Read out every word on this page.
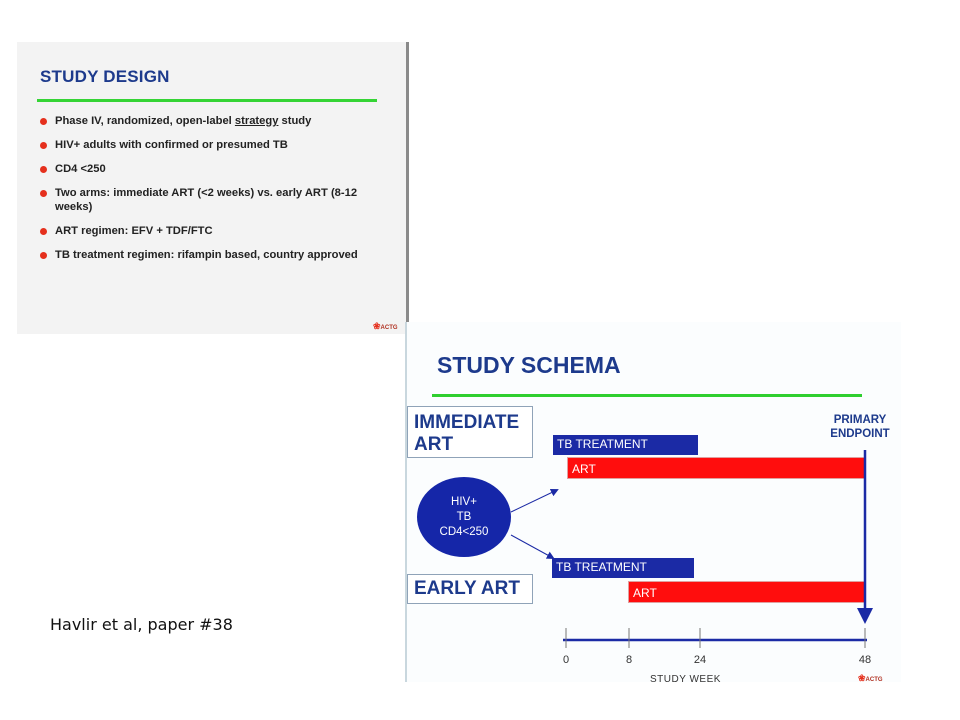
STUDY DESIGN
Phase IV, randomized, open-label strategy study
HIV+ adults with confirmed or presumed TB
CD4 <250
Two arms: immediate ART (<2 weeks) vs. early ART (8-12 weeks)
ART regimen: EFV + TDF/FTC
TB treatment regimen: rifampin based, country approved
❀ACTG
STUDY SCHEMA
IMMEDIATE ART
EARLY ART
PRIMARY ENDPOINT
TB TREATMENT
ART
TB TREATMENT
ART
HIV+
TB
CD4<250
0	8	24	48
STUDY WEEK	❀ACTG
Havlir et al, paper #38
